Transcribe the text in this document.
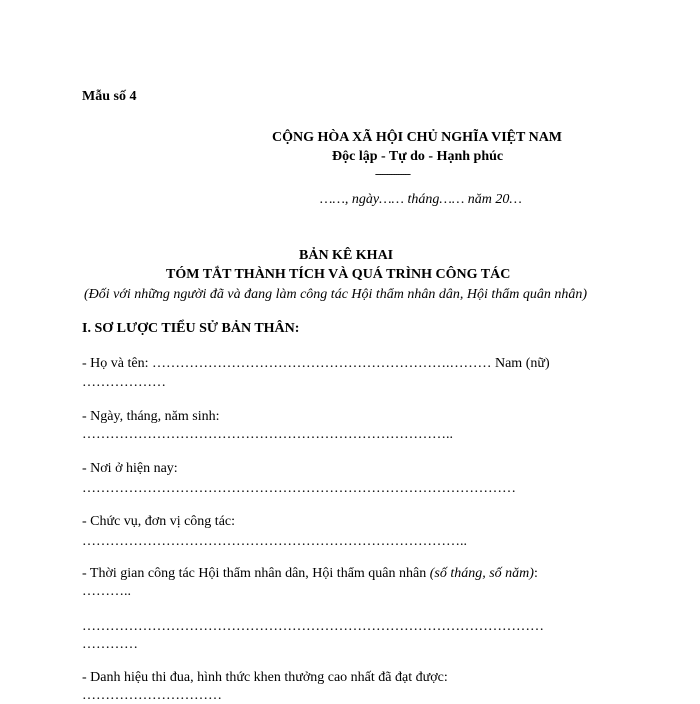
Mẫu số 4
CỘNG HÒA XÃ HỘI CHỦ NGHĨA VIỆT NAM
Độc lập - Tự do - Hạnh phúc
---------------
……, ngày…… tháng…… năm 20…
BẢN KÊ KHAI
TÓM TẮT THÀNH TÍCH VÀ QUÁ TRÌNH CÔNG TÁC
(Đối với những người đã và đang làm công tác Hội thẩm nhân dân, Hội thẩm quân nhân)
I. SƠ LƯỢC TIỂU SỬ BẢN THÂN:
- Họ và tên: ……………………………………………………….……… Nam (nữ)
………………
- Ngày, tháng, năm sinh:
……………………………………………………………………..
- Nơi ở hiện nay:
…………………………………………………………………………………
- Chức vụ, đơn vị công tác:
………………………………………………………………………..
- Thời gian công tác Hội thẩm nhân dân, Hội thẩm quân nhân (số tháng, số năm):
………..
………………………………………………………………………………………
…………
- Danh hiệu thi đua, hình thức khen thưởng cao nhất đã đạt được:
…………………………
